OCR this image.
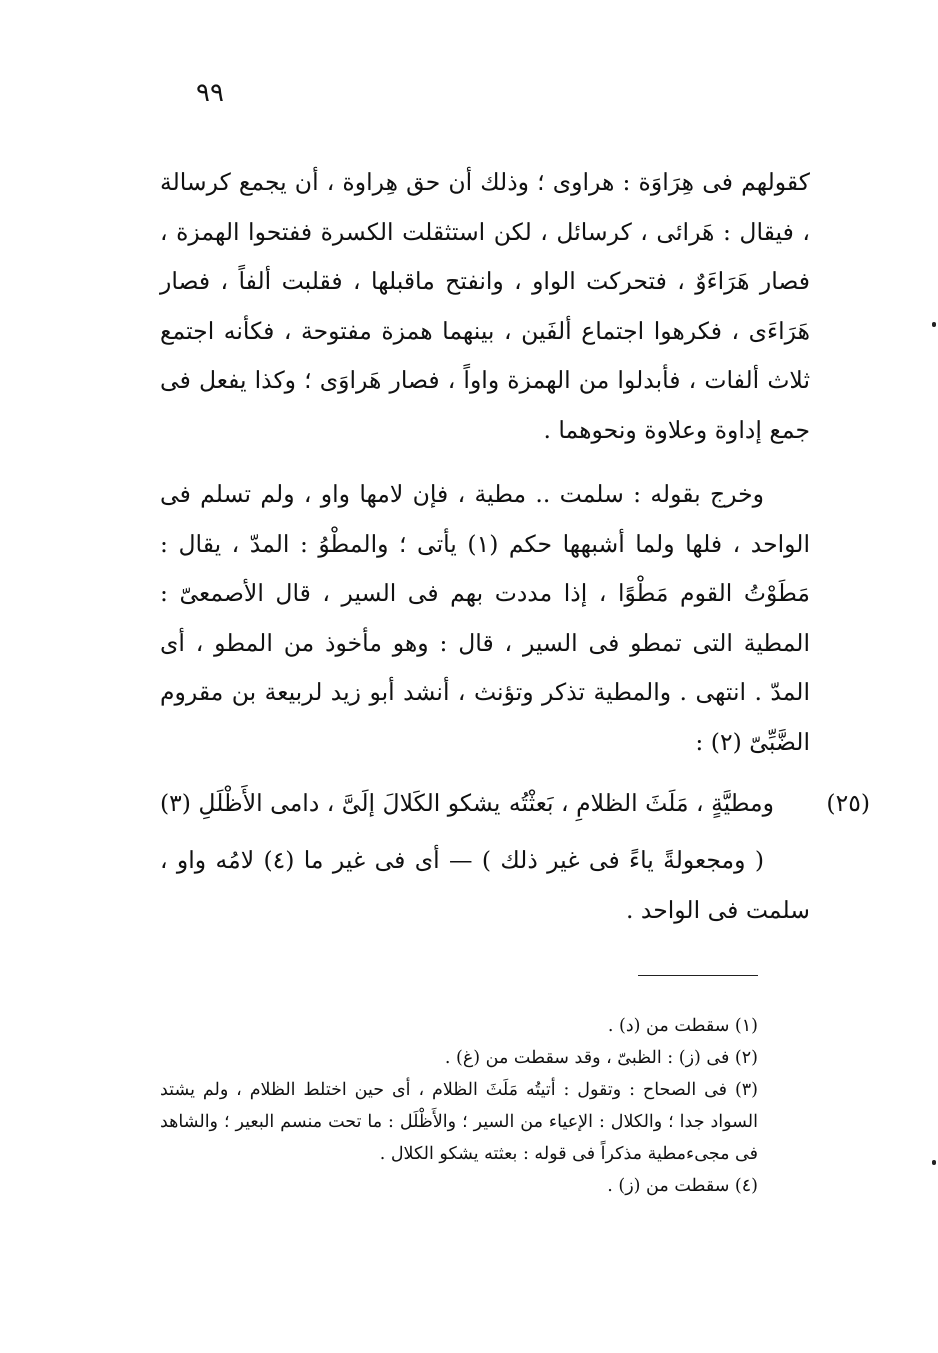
٩٩

كقولهم فى هِرَاوَة : هراوى ؛ وذلك أن حق هِراوة ، أن يجمع كرسالة ، فيقال : هَرائى ، كرسائل ، لكن استثقلت الكسرة ففتحوا الهمزة ، فصار هَرَاءَوٌ ، فتحركت الواو ، وانفتح ماقبلها ، فقلبت ألفاً ، فصار هَرَاءَى ، فكرهوا اجتماع ألفَين ، بينهما همزة مفتوحة ، فكأنه اجتمع ثلاث ألفات ، فأبدلوا من الهمزة واواً ، فصار هَراوَى ؛ وكذا يفعل فى جمع إداوة وعلاوة ونحوهما .

وخرج بقوله : سلمت .. مطية ، فإن لامها واو ، ولم تسلم فى الواحد ، فلها ولما أشبهها حكم (١) يأتى ؛ والمطْوُ : المدّ ، يقال : مَطَوْتُ القوم مَطْوًا ، إذا مددت بهم فى السير ، قال الأصمعىّ : المطية التى تمطو فى السير ، قال : وهو مأخوذ من المطو ، أى المدّ . انتهى . والمطية تذكر وتؤنث ، أنشد أبو زيد لربيعة بن مقروم الضَّبِّىّ (٢) :

(٢٥)
ومطيَّةٍ ، مَلَثَ الظلامِ ، بَعثْتُه
يشكو الكَلالَ إلَىَّ ، دامى الأَظْلَلِ (٣)

( ومجعولةً ياءً فى غير ذلك ) — أى فى غير ما (٤) لامُه واو ، سلمت فى الواحد .

(١) سقطت من (د) .

(٢) فى (ز) : الظبىّ ، وقد سقطت من (غ) .

(٣) فى الصحاح : وتقول : أتيتُه مَلَثَ الظلام ، أى حين اختلط الظلام ، ولم يشتد السواد جدا ؛ والكلال : الإعياء من السير ؛ والأَظْلَل : ما تحت منسم البعير ؛ والشاهد فى مجىءمطية مذكراً فى قوله : بعثته يشكو الكلال .

(٤) سقطت من (ز) .
